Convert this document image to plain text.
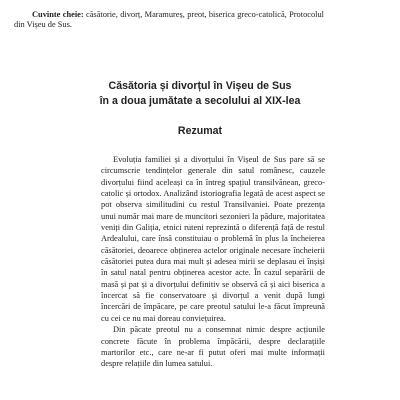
Cuvinte cheie: căsătorie, divorț, Maramureș, preot, biserica greco-catolică, Protocolul din Vișeu de Sus.
Căsătoria și divorțul în Vișeu de Sus
în a doua jumătate a secolului al XIX-lea
Rezumat

Evoluția familiei și a divorțului în Vișeul de Sus pare să se circumscrie tendințelor generale din satul românesc, cauzele divorțului fiind aceleași ca în întreg spațiul transilvănean, greco-catolic și ortodox. Analizând istoriografia legată de acest aspect se pot observa similitudini cu restul Transilvaniei. Poate prezența unui număr mai mare de muncitori sezonieri la pădure, majoritatea veniți din Galiția, etnici ruteni reprezintă o diferență față de restul Ardealului, care însă constituiau o problemă în plus la încheierea căsătoriei, deoarece obținerea actelor originale necesare încheierii căsătoriei putea dura mai mult și adesea mirii se deplasau ei înșiși în satul natal pentru obținerea acestor acte. În cazul separării de masă și pat și a divorțului definitiv se observă că și aici biserica a încercat să fie conservatoare și divorțul a venit după lungi încercări de împăcare, pe care preotul satului le-a făcut împreună cu cei ce nu mai doreau conviețuirea.

Din păcate preotul nu a consemnat nimic despre acțiunile concrete făcute în problema împăcării, despre declarațiile martorilor etc., care ne-ar fi putut oferi mai multe informații despre relațiile din lumea satului.
